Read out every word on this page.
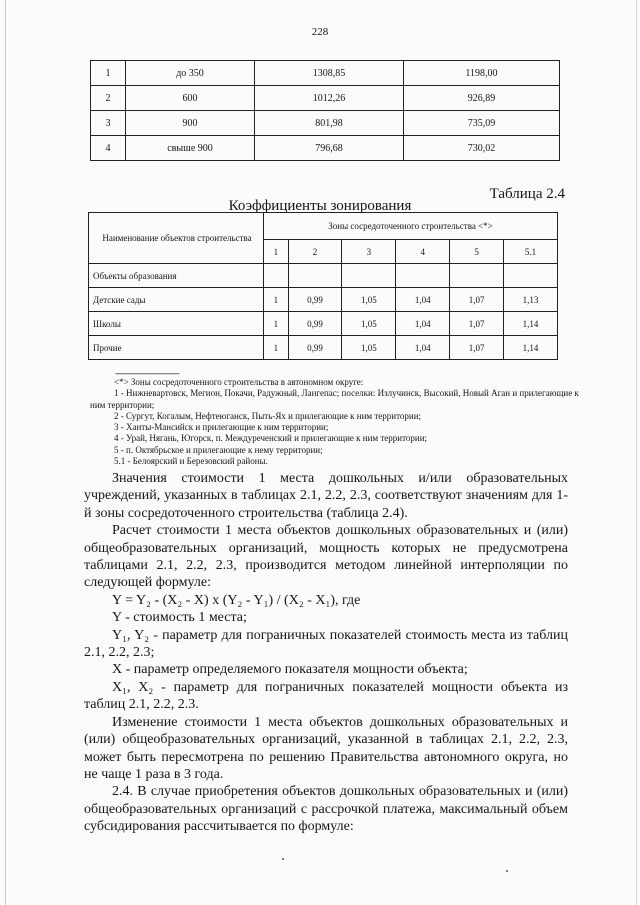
228
1	до 350	1308,85	1198,00
2	600	1012,26	926,89
3	900	801,98	735,09
4	свыше 900	796,68	730,02
Таблица 2.4
Коэффициенты зонирования
Наименование объектов строительства	Зоны сосредоточенного строительства <*>					
	1	2	3	4	5	5.1
Объекты образования						
Детские сады	1	0,99	1,05	1,04	1,07	1,13
Школы	1	0,99	1,05	1,04	1,07	1,14
Прочие	1	0,99	1,05	1,04	1,07	1,14
--------------------------------
<*> Зоны сосредоточенного строительства в автономном округе:
1 - Нижневартовск, Мегион, Покачи, Радужный, Лангепас; поселки: Излучинск, Высокий, Новый Аган и прилегающие к ним территории;
2 - Сургут, Когалым, Нефтеюганск, Пыть-Ях и прилегающие к ним территории;
3 - Ханты-Мансийск и прилегающие к ним территории;
4 - Урай, Нягань, Югорск, п. Междуреченский и прилегающие к ним территории;
5 - п. Октябрьское и прилегающие к нему территории;
5.1 - Белоярский и Березовский районы.

Значения стоимости 1 места дошкольных и/или образовательных учреждений, указанных в таблицах 2.1, 2.2, 2.3, соответствуют значениям для 1-й зоны сосредоточенного строительства (таблица 2.4).

Расчет стоимости 1 места объектов дошкольных образовательных и (или) общеобразовательных организаций, мощность которых не предусмотрена таблицами 2.1, 2.2, 2.3, производится методом линейной интерполяции по следующей формуле:

Y = Y₂ - (X₂ - X) x (Y₂ - Y₁) / (X₂ - X₁), где

Y - стоимость 1 места;

Y₁, Y₂ - параметр для пограничных показателей стоимость места из таблиц 2.1, 2.2, 2.3;

X - параметр определяемого показателя мощности объекта;

X₁, X₂ - параметр для пограничных показателей мощности объекта из таблиц 2.1, 2.2, 2.3.

Изменение стоимости 1 места объектов дошкольных образовательных и (или) общеобразовательных организаций, указанной в таблицах 2.1, 2.2, 2.3, может быть пересмотрена по решению Правительства автономного округа, но не чаще 1 раза в 3 года.

2.4. В случае приобретения объектов дошкольных образовательных и (или) общеобразовательных организаций с рассрочкой платежа, максимальный объем субсидирования рассчитывается по формуле:
